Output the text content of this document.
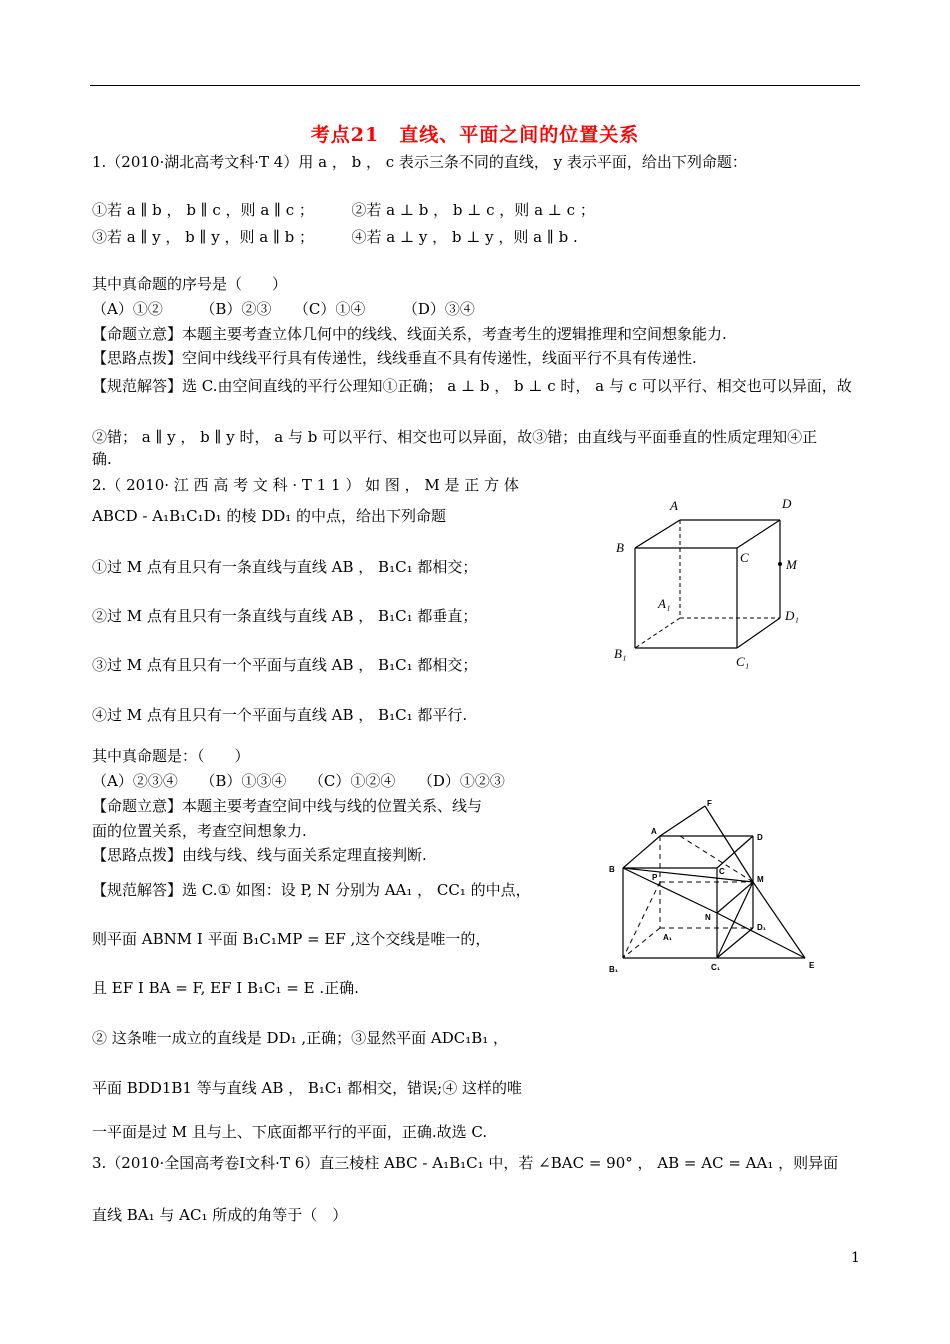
考点21　直线、平面之间的位置关系
1.（2010·湖北高考文科·T 4）用 a ， b ， c 表示三条不同的直线， y 表示平面，给出下列命题：
①若 a ∥ b ， b ∥ c ，则 a ∥ c ；　　　②若 a ⊥ b ， b ⊥ c ，则 a ⊥ c ；
③若 a ∥ y ， b ∥ y ，则 a ∥ b ；　　　④若 a ⊥ y ， b ⊥ y ，则 a ∥ b .
其中真命题的序号是（　　）
（A）①②　　　（B）②③　　（C）①④　　　（D）③④
【命题立意】本题主要考查立体几何中的线线、线面关系，考查考生的逻辑推理和空间想象能力.
【思路点拨】空间中线线平行具有传递性，线线垂直不具有传递性，线面平行不具有传递性.
【规范解答】选 C.由空间直线的平行公理知①正确； a ⊥ b ， b ⊥ c 时， a 与 c 可以平行、相交也可以异面，故
②错； a ∥ y ， b ∥ y 时， a 与 b 可以平行、相交也可以异面，故③错；由直线与平面垂直的性质定理知④正
确.
2.（ 2010· 江 西 高 考 文 科 · T 1 1 ） 如 图 ， M 是 正 方 体
ABCD - A₁B₁C₁D₁ 的棱 DD₁ 的中点，给出下列命题
①过 M 点有且只有一条直线与直线 AB ， B₁C₁ 都相交；
②过 M 点有且只有一条直线与直线 AB ， B₁C₁ 都垂直；
③过 M 点有且只有一个平面与直线 AB ， B₁C₁ 都相交；
④过 M 点有且只有一个平面与直线 AB ， B₁C₁ 都平行.
其中真命题是：（　　）
（A）②③④　　（B）①③④　　（C）①②④　　（D）①②③
【命题立意】本题主要考查空间中线与线的位置关系、线与
面的位置关系，考查空间想象力.
【思路点拨】由线与线、线与面关系定理直接判断.
【规范解答】选 C.① 如图：设 P, N 分别为 AA₁ ， CC₁ 的中点，
则平面 ABNM Ι 平面 B₁C₁MP = EF ,这个交线是唯一的，
且 EF Ι BA = F, EF Ι B₁C₁ = E .正确.
② 这条唯一成立的直线是 DD₁ ,正确；③显然平面 ADC₁B₁ ，
平面 BDD1B1 等与直线 AB ， B₁C₁ 都相交，错误;④ 这样的唯
一平面是过 M 且与上、下底面都平行的平面，正确.故选 C.
3.（2010·全国高考卷Ⅰ文科·T 6）直三棱柱 ABC - A₁B₁C₁ 中，若 ∠BAC = 90° ， AB = AC = AA₁ ，则异面
直线 BA₁ 与 AC₁ 所成的角等于（　）
A	D
B
C	M
A₁
D₁
B₁
C₁
F
A
D
B	C
P	M
N
A₁
D₁
B₁	C₁	E
1
